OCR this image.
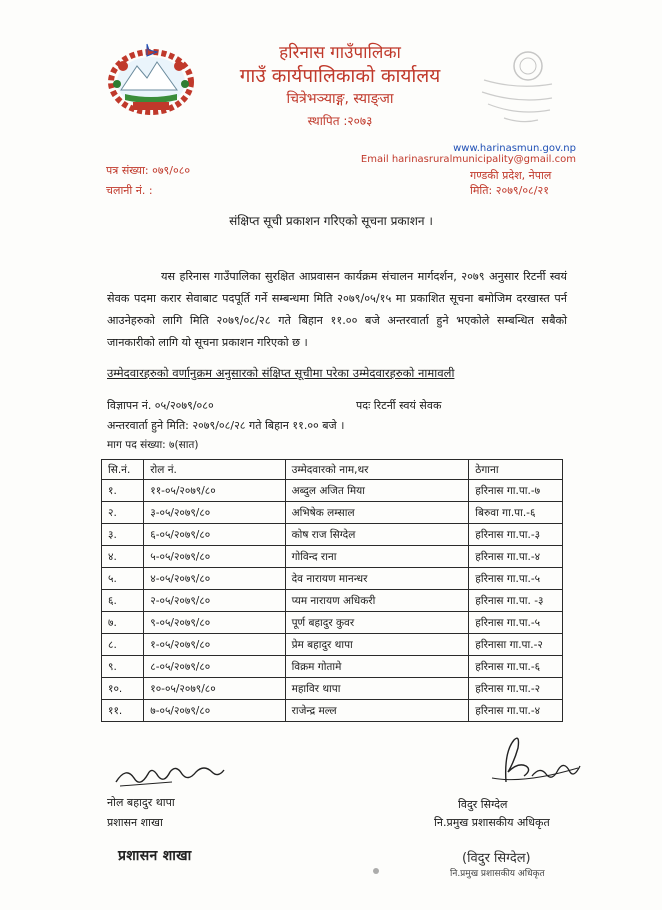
हरिनास गाउँपालिका
गाउँ कार्यपालिकाको कार्यालय
चित्रेभञ्याङ्ग, स्याङ्जा
स्थापित :२०७३
www.harinasmun.gov.np
Email harinasruralmunicipality@gmail.com
पत्र संख्या: ०७९/०८०	गण्डकी प्रदेश, नेपाल
चलानी नं. :	मिति: २०७९/०८/२१
संक्षिप्त सूची प्रकाशन गरिएको सूचना प्रकाशन ।

यस हरिनास गाउँपालिका सुरक्षित आप्रवासन कार्यक्रम संचालन मार्गदर्शन, २०७९ अनुसार रिटर्नी स्वयं सेवक पदमा करार सेवाबाट पदपूर्ति गर्ने सम्बन्धमा मिति २०७९/०५/१५ मा प्रकाशित सूचना बमोजिम दरखास्त पर्न आउनेहरुको लागि मिति २०७९/०८/२८ गते बिहान ११.०० बजे अन्तरवार्ता हुने भएकोले सम्बन्धित सबैको जानकारीको लागि यो सूचना प्रकाशन गरिएको छ ।

उम्मेदवारहरुको वर्णानुक्रम अनुसारको संक्षिप्त सूचीमा परेका उम्मेदवारहरुको नामावली
विज्ञापन नं. ०५/२०७९/०८०	पदः रिटर्नी स्वयं सेवक
अन्तरवार्ता हुने मिति: २०७९/०८/२८ गते बिहान ११.०० बजे ।
माग पद संख्या: ७(सात)
सि.नं.	रोल नं.	उम्मेदवारको नाम,थर	ठेगाना
१.	११-०५/२०७९/८०	अब्दुल अजित मिया	हरिनास गा.पा.-७
२.	३-०५/२०७९/८०	अभिषेक लम्साल	बिरुवा गा.पा.-६
३.	६-०५/२०७९/८०	कोष राज सिग्देल	हरिनास गा.पा.-३
४.	५-०५/२०७९/८०	गोविन्द राना	हरिनास गा.पा.-४
५.	४-०५/२०७९/८०	देव नारायण मानन्धर	हरिनास गा.पा.-५
६.	२-०५/२०७९/८०	प्यम नारायण अधिकरी	हरिनास गा.पा. -३
७.	९-०५/२०७९/८०	पूर्ण बहादुर कुवर	हरिनास गा.पा.-५
८.	१-०५/२०७९/८०	प्रेम बहादुर थापा	हरिनासा गा.पा.-२
९.	८-०५/२०७९/८०	विक्रम गोतामे	हरिनास गा.पा.-६
१०.	१०-०५/२०७९/८०	महाविर थापा	हरिनास गा.पा.-२
११.	७-०५/२०७९/८०	राजेन्द्र मल्ल	हरिनास गा.पा.-४
नोल बहादुर थापा
प्रशासन शाखा
विदुर सिग्देल
नि.प्रमुख प्रशासकीय अधिकृत
प्रशासन शाखा	(विदुर सिग्देल)
नि.प्रमुख प्रशासकीय अधिकृत
